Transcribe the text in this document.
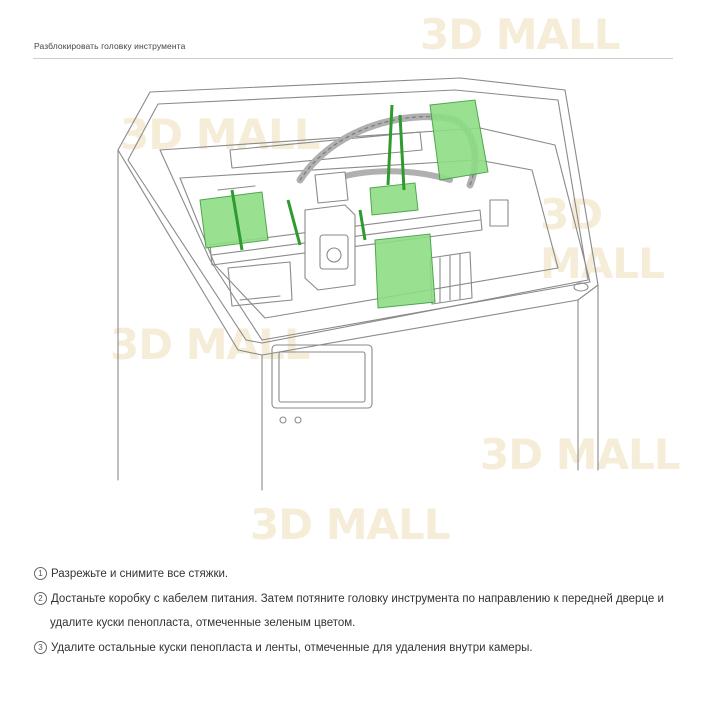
3D MALL
3D MALL
3D MALL
3D MALL
3D MALL
3D MALL
Разблокировать головку инструмента
1 Разрежьте и снимите все стяжки.
2 Достаньте коробку с кабелем питания. Затем потяните головку инструмента по направлению к передней дверце и
удалите куски пенопласта, отмеченные зеленым цветом.
3 Удалите остальные куски пенопласта и ленты, отмеченные для удаления внутри камеры.
